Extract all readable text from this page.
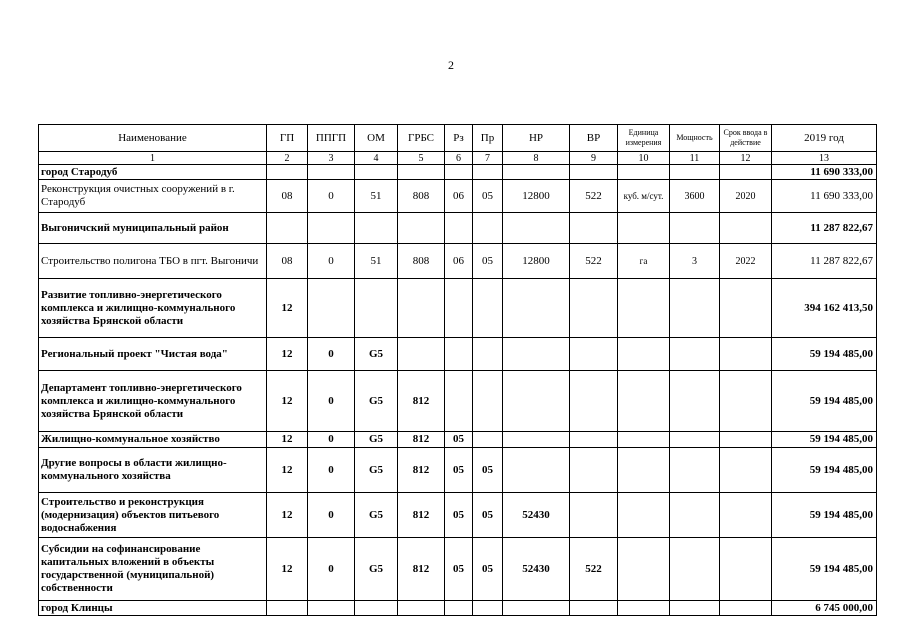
2
Наименование	ГП	ППГП	ОМ	ГРБС	Рз	Пр	НР	ВР	Единица измерения	Мощность	Срок ввода в действие	2019 год
1	2	3	4	5	6	7	8	9	10	11	12	13
город Стародуб												11 690 333,00
Реконструкция очистных сооружений в г. Стародуб	08	0	51	808	06	05	12800	522	куб. м/сут.	3600	2020	11 690 333,00
Выгоничский муниципальный район												11 287 822,67
Строительство полигона ТБО в пгт. Выгоничи	08	0	51	808	06	05	12800	522	га	3	2022	11 287 822,67
Развитие топливно-энергетического комплекса и жилищно-коммунального хозяйства Брянской области	12											394 162 413,50
Региональный проект "Чистая вода"	12	0	G5									59 194 485,00
Департамент топливно-энергетического комплекса и жилищно-коммунального хозяйства Брянской области	12	0	G5	812								59 194 485,00
Жилищно-коммунальное хозяйство	12	0	G5	812	05							59 194 485,00
Другие вопросы в области жилищно-коммунального хозяйства	12	0	G5	812	05	05						59 194 485,00
Строительство и реконструкция (модернизация) объектов питьевого водоснабжения	12	0	G5	812	05	05	52430					59 194 485,00
Субсидии на софинансирование капитальных вложений в объекты государственной (муниципальной) собственности	12	0	G5	812	05	05	52430	522				59 194 485,00
город Клинцы												6 745 000,00
